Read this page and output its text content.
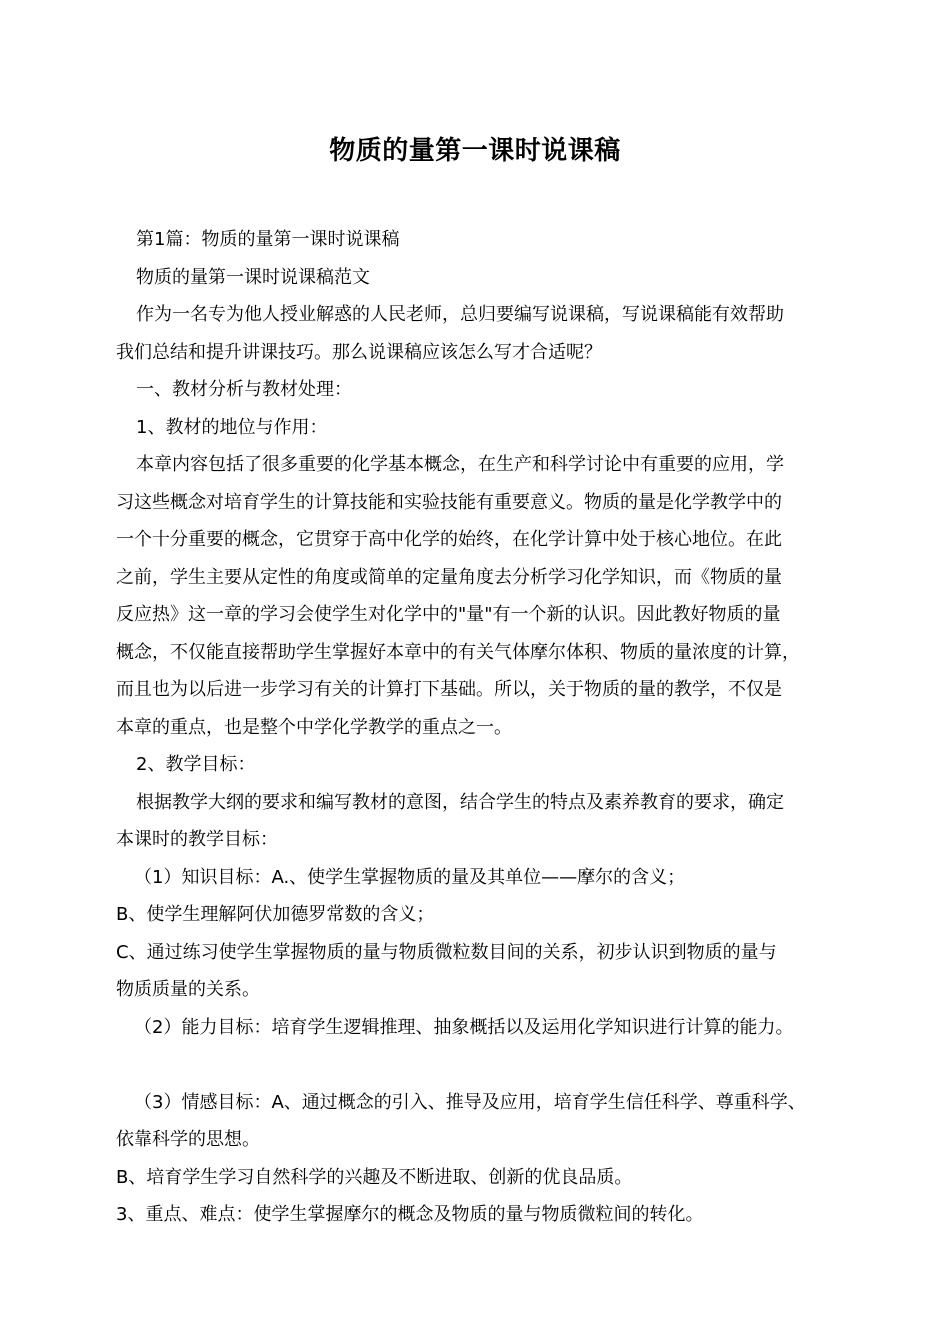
物质的量第一课时说课稿
第1篇：物质的量第一课时说课稿
物质的量第一课时说课稿范文
作为一名专为他人授业解惑的人民老师，总归要编写说课稿，写说课稿能有效帮助
我们总结和提升讲课技巧。那么说课稿应该怎么写才合适呢？
一、教材分析与教材处理：
1、教材的地位与作用：
本章内容包括了很多重要的化学基本概念，在生产和科学讨论中有重要的应用，学
习这些概念对培育学生的计算技能和实验技能有重要意义。物质的量是化学教学中的
一个十分重要的概念，它贯穿于高中化学的始终，在化学计算中处于核心地位。在此
之前，学生主要从定性的角度或简单的定量角度去分析学习化学知识，而《物质的量
反应热》这一章的学习会使学生对化学中的"量"有一个新的认识。因此教好物质的量
概念，不仅能直接帮助学生掌握好本章中的有关气体摩尔体积、物质的量浓度的计算，
而且也为以后进一步学习有关的计算打下基础。所以，关于物质的量的教学，不仅是
本章的重点，也是整个中学化学教学的重点之一。
2、教学目标：
根据教学大纲的要求和编写教材的意图，结合学生的特点及素养教育的要求，确定
本课时的教学目标：
（1）知识目标：A.、使学生掌握物质的量及其单位——摩尔的含义；
B、使学生理解阿伏加德罗常数的含义；
C、通过练习使学生掌握物质的量与物质微粒数目间的关系，初步认识到物质的量与
物质质量的关系。
（2）能力目标：培育学生逻辑推理、抽象概括以及运用化学知识进行计算的能力。
（3）情感目标：A、通过概念的引入、推导及应用，培育学生信任科学、尊重科学、
依靠科学的思想。
B、培育学生学习自然科学的兴趣及不断进取、创新的优良品质。
3、重点、难点：使学生掌握摩尔的概念及物质的量与物质微粒间的转化。
